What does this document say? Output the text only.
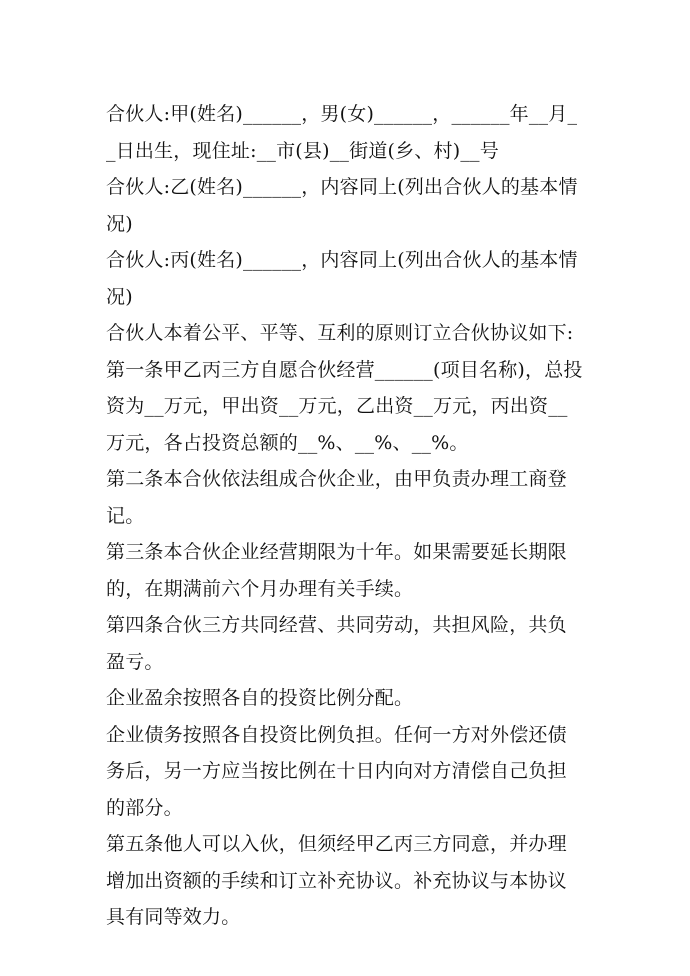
合伙人:甲(姓名)______，男(女)______，______年__月__日出生，现住址:__市(县)__街道(乡、村)__号

合伙人:乙(姓名)______，内容同上(列出合伙人的基本情况)

合伙人:丙(姓名)______，内容同上(列出合伙人的基本情况)

合伙人本着公平、平等、互利的原则订立合伙协议如下:

第一条甲乙丙三方自愿合伙经营______(项目名称)，总投资为__万元，甲出资__万元，乙出资__万元，丙出资__万元，各占投资总额的__%、__%、__%。

第二条本合伙依法组成合伙企业，由甲负责办理工商登记。

第三条本合伙企业经营期限为十年。如果需要延长期限的，在期满前六个月办理有关手续。

第四条合伙三方共同经营、共同劳动，共担风险，共负盈亏。

企业盈余按照各自的投资比例分配。

企业债务按照各自投资比例负担。任何一方对外偿还债务后，另一方应当按比例在十日内向对方清偿自己负担的部分。

第五条他人可以入伙，但须经甲乙丙三方同意，并办理增加出资额的手续和订立补充协议。补充协议与本协议具有同等效力。
